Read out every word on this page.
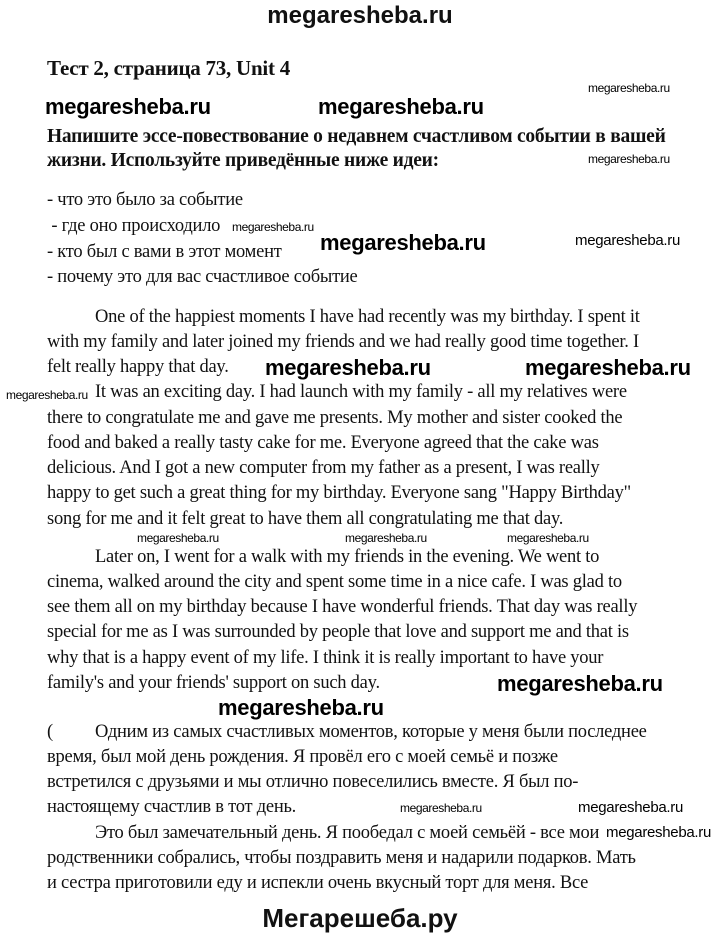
megaresheba.ru
Тест 2, страница 73, Unit 4
Напишите эссе-повествование о недавнем счастливом событии в вашей
жизни. Используйте приведённые ниже идеи:
- что это было за событие
- где оно происходило
- кто был с вами в этот момент
- почему это для вас счастливое событие
One of the happiest moments I have had recently was my birthday. I spent it
with my family and later joined my friends and we had really good time together. I
felt really happy that day.
It was an exciting day. I had launch with my family - all my relatives were
there to congratulate me and gave me presents. My mother and sister cooked the
food and baked a really tasty cake for me. Everyone agreed that the cake was
delicious. And I got a new computer from my father as a present, I was really
happy to get such a great thing for my birthday. Everyone sang "Happy Birthday"
song for me and it felt great to have them all congratulating me that day.
Later on, I went for a walk with my friends in the evening. We went to
cinema, walked around the city and spent some time in a nice cafe. I was glad to
see them all on my birthday because I have wonderful friends. That day was really
special for me as I was surrounded by people that love and support me and that is
why that is a happy event of my life. I think it is really important to have your
family's and your friends' support on such day.
( Одним из самых счастливых моментов, которые у меня были последнее
время, был мой день рождения. Я провёл его с моей семьё и позже
встретился с друзьями и мы отлично повеселились вместе. Я был по-
настоящему счастлив в тот день.
Это был замечательный день. Я пообедал с моей семьёй - все мои
родственники собрались, чтобы поздравить меня и надарили подарков. Мать
и сестра приготовили еду и испекли очень вкусный торт для меня. Все
megaresheba.ru
megaresheba.ru	megaresheba.ru
megaresheba.ru
megaresheba.ru
megaresheba.ru	megaresheba.ru
megaresheba.ru	megaresheba.ru
megaresheba.ru
megaresheba.ru	megaresheba.ru	megaresheba.ru
megaresheba.ru
megaresheba.ru
megaresheba.ru
megaresheba.ru
megaresheba.ru
Мегарешеба.ру
